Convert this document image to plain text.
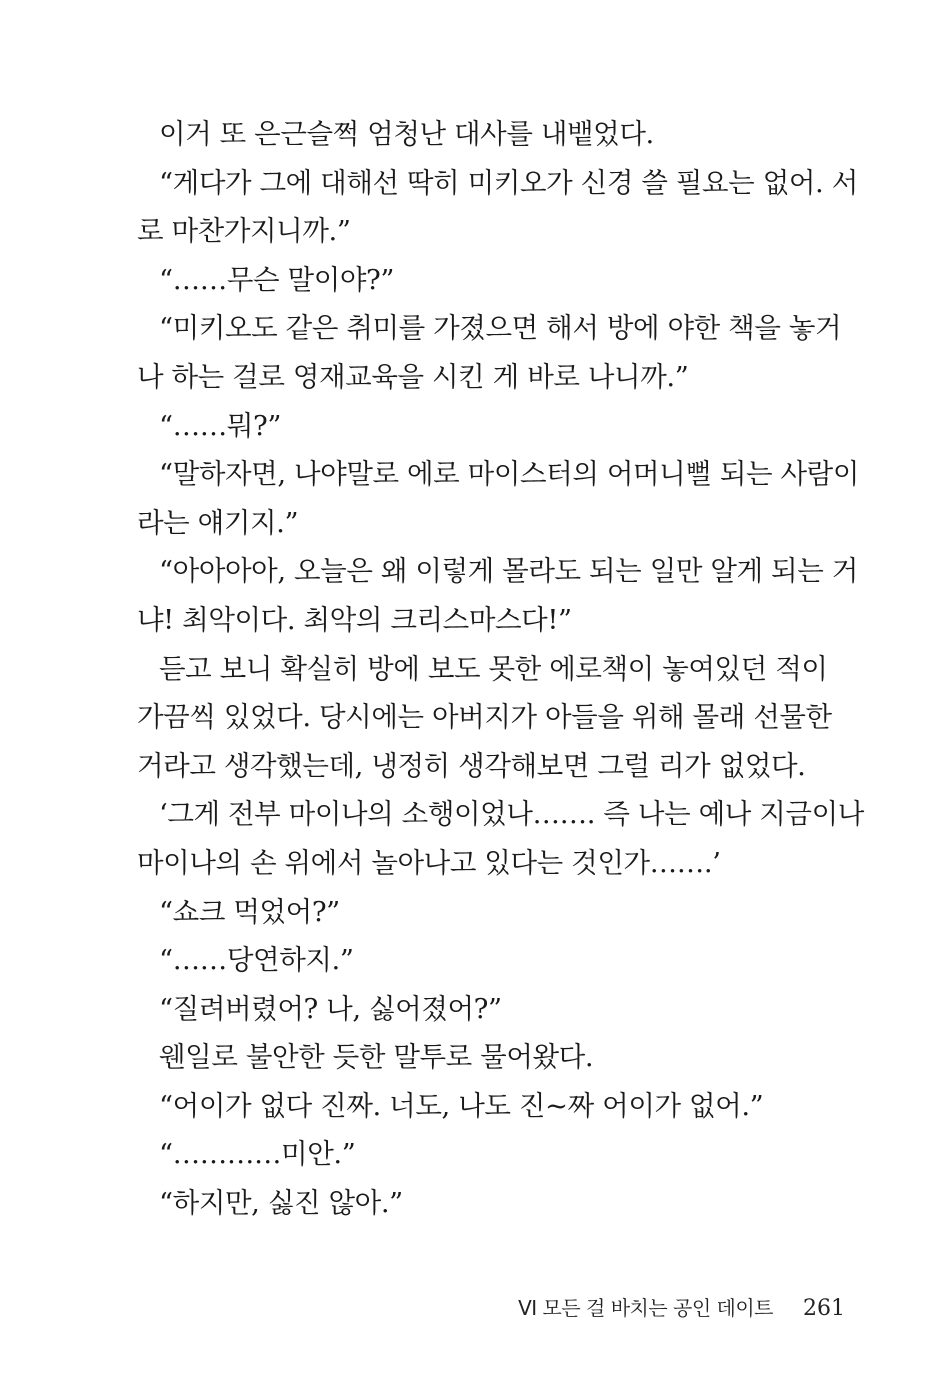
이거 또 은근슬쩍 엄청난 대사를 내뱉었다.
“게다가 그에 대해선 딱히 미키오가 신경 쓸 필요는 없어. 서
로 마찬가지니까.”
“……무슨 말이야?”
“미키오도 같은 취미를 가졌으면 해서 방에 야한 책을 놓거
나 하는 걸로 영재교육을 시킨 게 바로 나니까.”
“……뭐?”
“말하자면, 나야말로 에로 마이스터의 어머니뻘 되는 사람이
라는 얘기지.”
“아아아아, 오늘은 왜 이렇게 몰라도 되는 일만 알게 되는 거
냐! 최악이다. 최악의 크리스마스다!”
듣고 보니 확실히 방에 보도 못한 에로책이 놓여있던 적이
가끔씩 있었다. 당시에는 아버지가 아들을 위해 몰래 선물한
거라고 생각했는데, 냉정히 생각해보면 그럴 리가 없었다.
‘그게 전부 마이나의 소행이었나……. 즉 나는 예나 지금이나
마이나의 손 위에서 놀아나고 있다는 것인가…….’
“쇼크 먹었어?”
“……당연하지.”
“질려버렸어? 나, 싫어졌어?”
웬일로 불안한 듯한 말투로 물어왔다.
“어이가 없다 진짜. 너도, 나도 진~짜 어이가 없어.”
“…………미안.”
“하지만, 싫진 않아.”
VI 모든 걸 바치는 공인 데이트 261
